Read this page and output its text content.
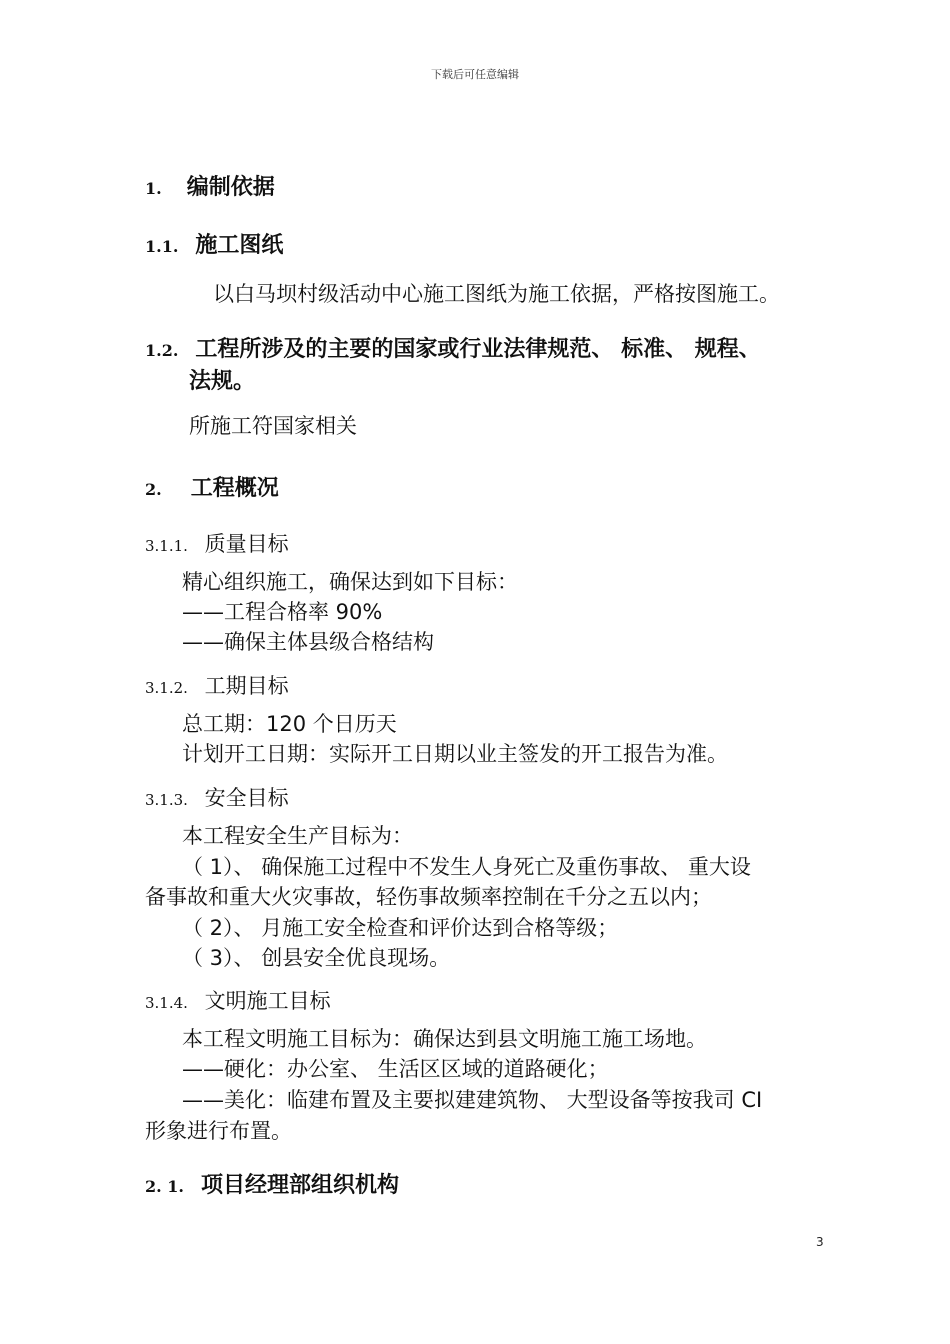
下载后可任意编辑
1. 编制依据
1.1. 施工图纸
以白马坝村级活动中心施工图纸为施工依据，严格按图施工。
1.2. 工程所涉及的主要的国家或行业法律规范、 标准、 规程、
法规。
所施工符国家相关
2. 工程概况
3.1.1. 质量目标
精心组织施工，确保达到如下目标：
——工程合格率 90%
——确保主体县级合格结构
3.1.2. 工期目标
总工期：120 个日历天
计划开工日期：实际开工日期以业主签发的开工报告为准。
3.1.3. 安全目标
本工程安全生产目标为：
（ 1）、 确保施工过程中不发生人身死亡及重伤事故、 重大设
备事故和重大火灾事故，轻伤事故频率控制在千分之五以内；
（ 2）、 月施工安全检查和评价达到合格等级；
（ 3）、 创县安全优良现场。
3.1.4. 文明施工目标
本工程文明施工目标为：确保达到县文明施工施工场地。
——硬化：办公室、 生活区区域的道路硬化；
——美化：临建布置及主要拟建建筑物、 大型设备等按我司 CI
形象进行布置。
2. 1. 项目经理部组织机构
3
